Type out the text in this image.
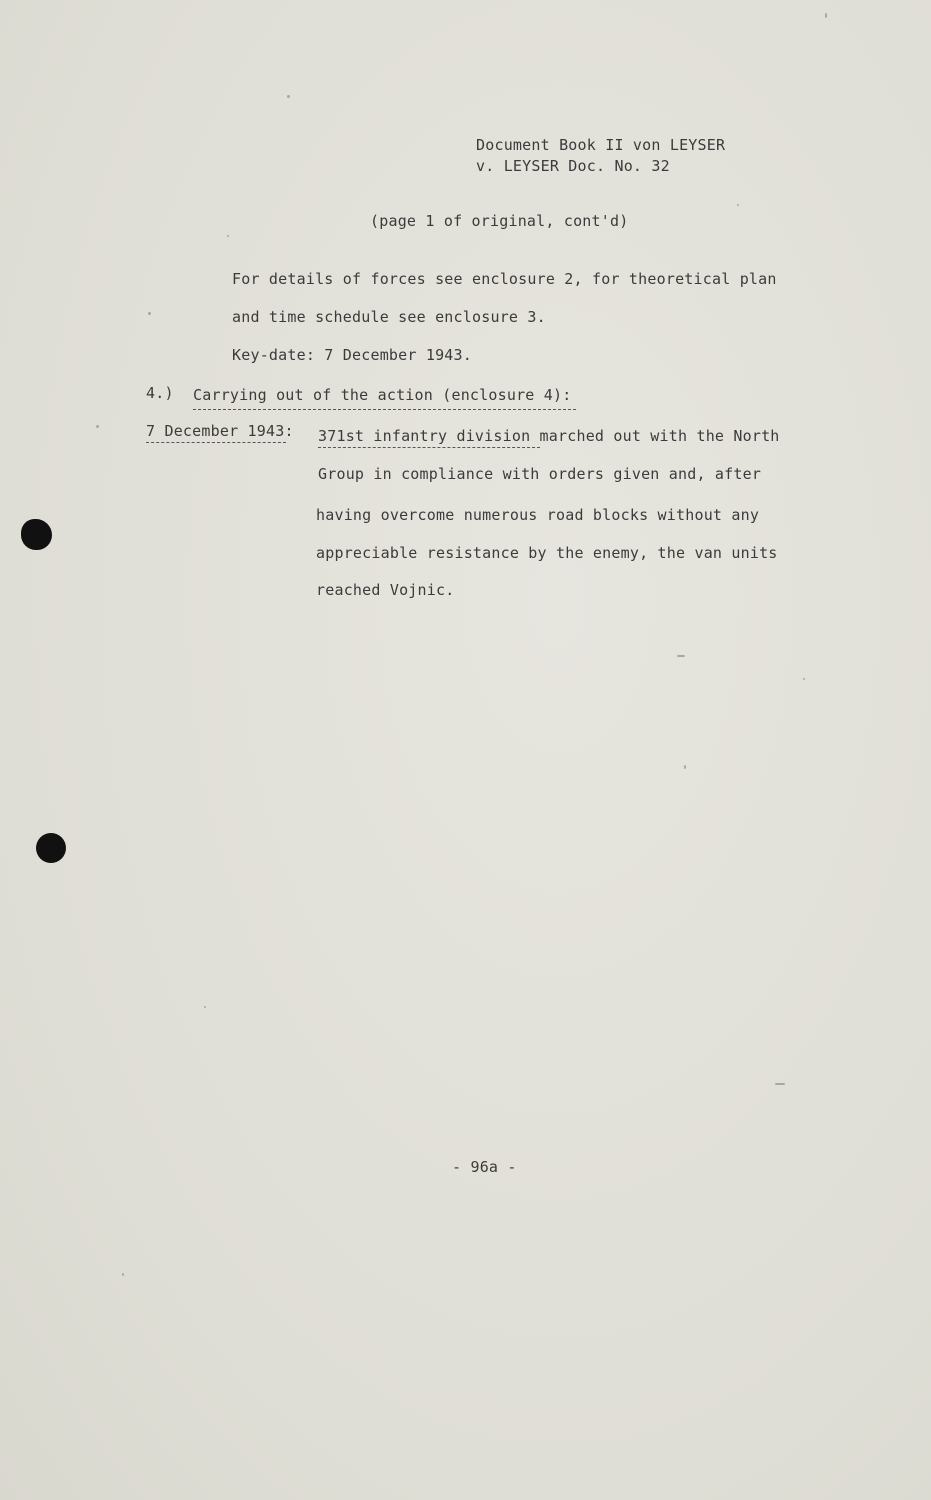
Document Book II von LEYSER
v. LEYSER Doc. No. 32
(page 1 of original, cont'd)
For details of forces see enclosure 2, for theoretical plan
and time schedule see enclosure 3.
Key-date: 7 December 1943.
4.) Carrying out of the action (enclosure 4):
7 December 1943: 371st infantry division marched out with the North
Group in compliance with orders given and, after
having overcome numerous road blocks without any
appreciable resistance by the enemy, the van units
reached Vojnic.
- 96a -
